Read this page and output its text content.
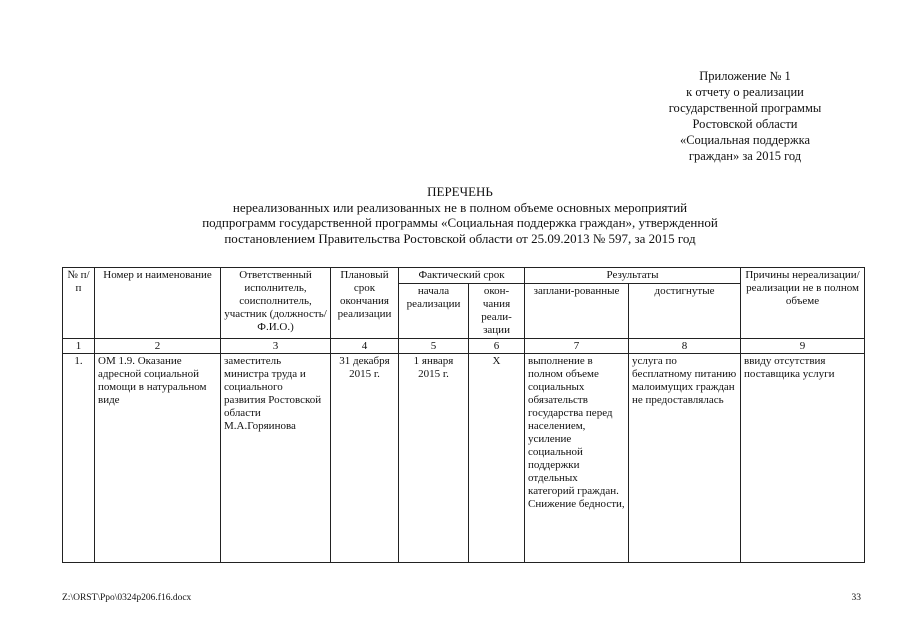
Приложение № 1
к отчету о реализации
государственной программы
Ростовской области
«Социальная поддержка
граждан» за 2015 год
ПЕРЕЧЕНЬ
нереализованных или реализованных не в полном объеме основных мероприятий
подпрограмм государственной программы «Социальная поддержка граждан», утвержденной
постановлением Правительства Ростовской области от 25.09.2013 № 597, за 2015 год
№ п/п	Номер и наименование	Ответственный исполнитель, соисполнитель, участник (должность/ Ф.И.О.)	Плановый срок окончания реализации	Фактический срок		Результаты		Причины нереализации/ реализации не в полном объеме
				начала реализации	окон-чания реали-зации	заплани-рованные	достигнутые	
1	2	3	4	5	6	7	8	9
1.	ОМ 1.9. Оказание адресной социальной помощи в натуральном виде	заместитель министра труда и социального развития Ростовской области М.А.Горяинова	31 декабря 2015 г.	1 января 2015 г.	Х	выполнение в полном объеме социальных обязательств государства перед населением, усиление социальной поддержки отдельных категорий граждан. Снижение бедности,	услуга по бесплатному питанию малоимущих граждан не предоставлялась	ввиду отсутствия поставщика услуги
Z:\ORST\Ppo\0324p206.f16.docx	33
